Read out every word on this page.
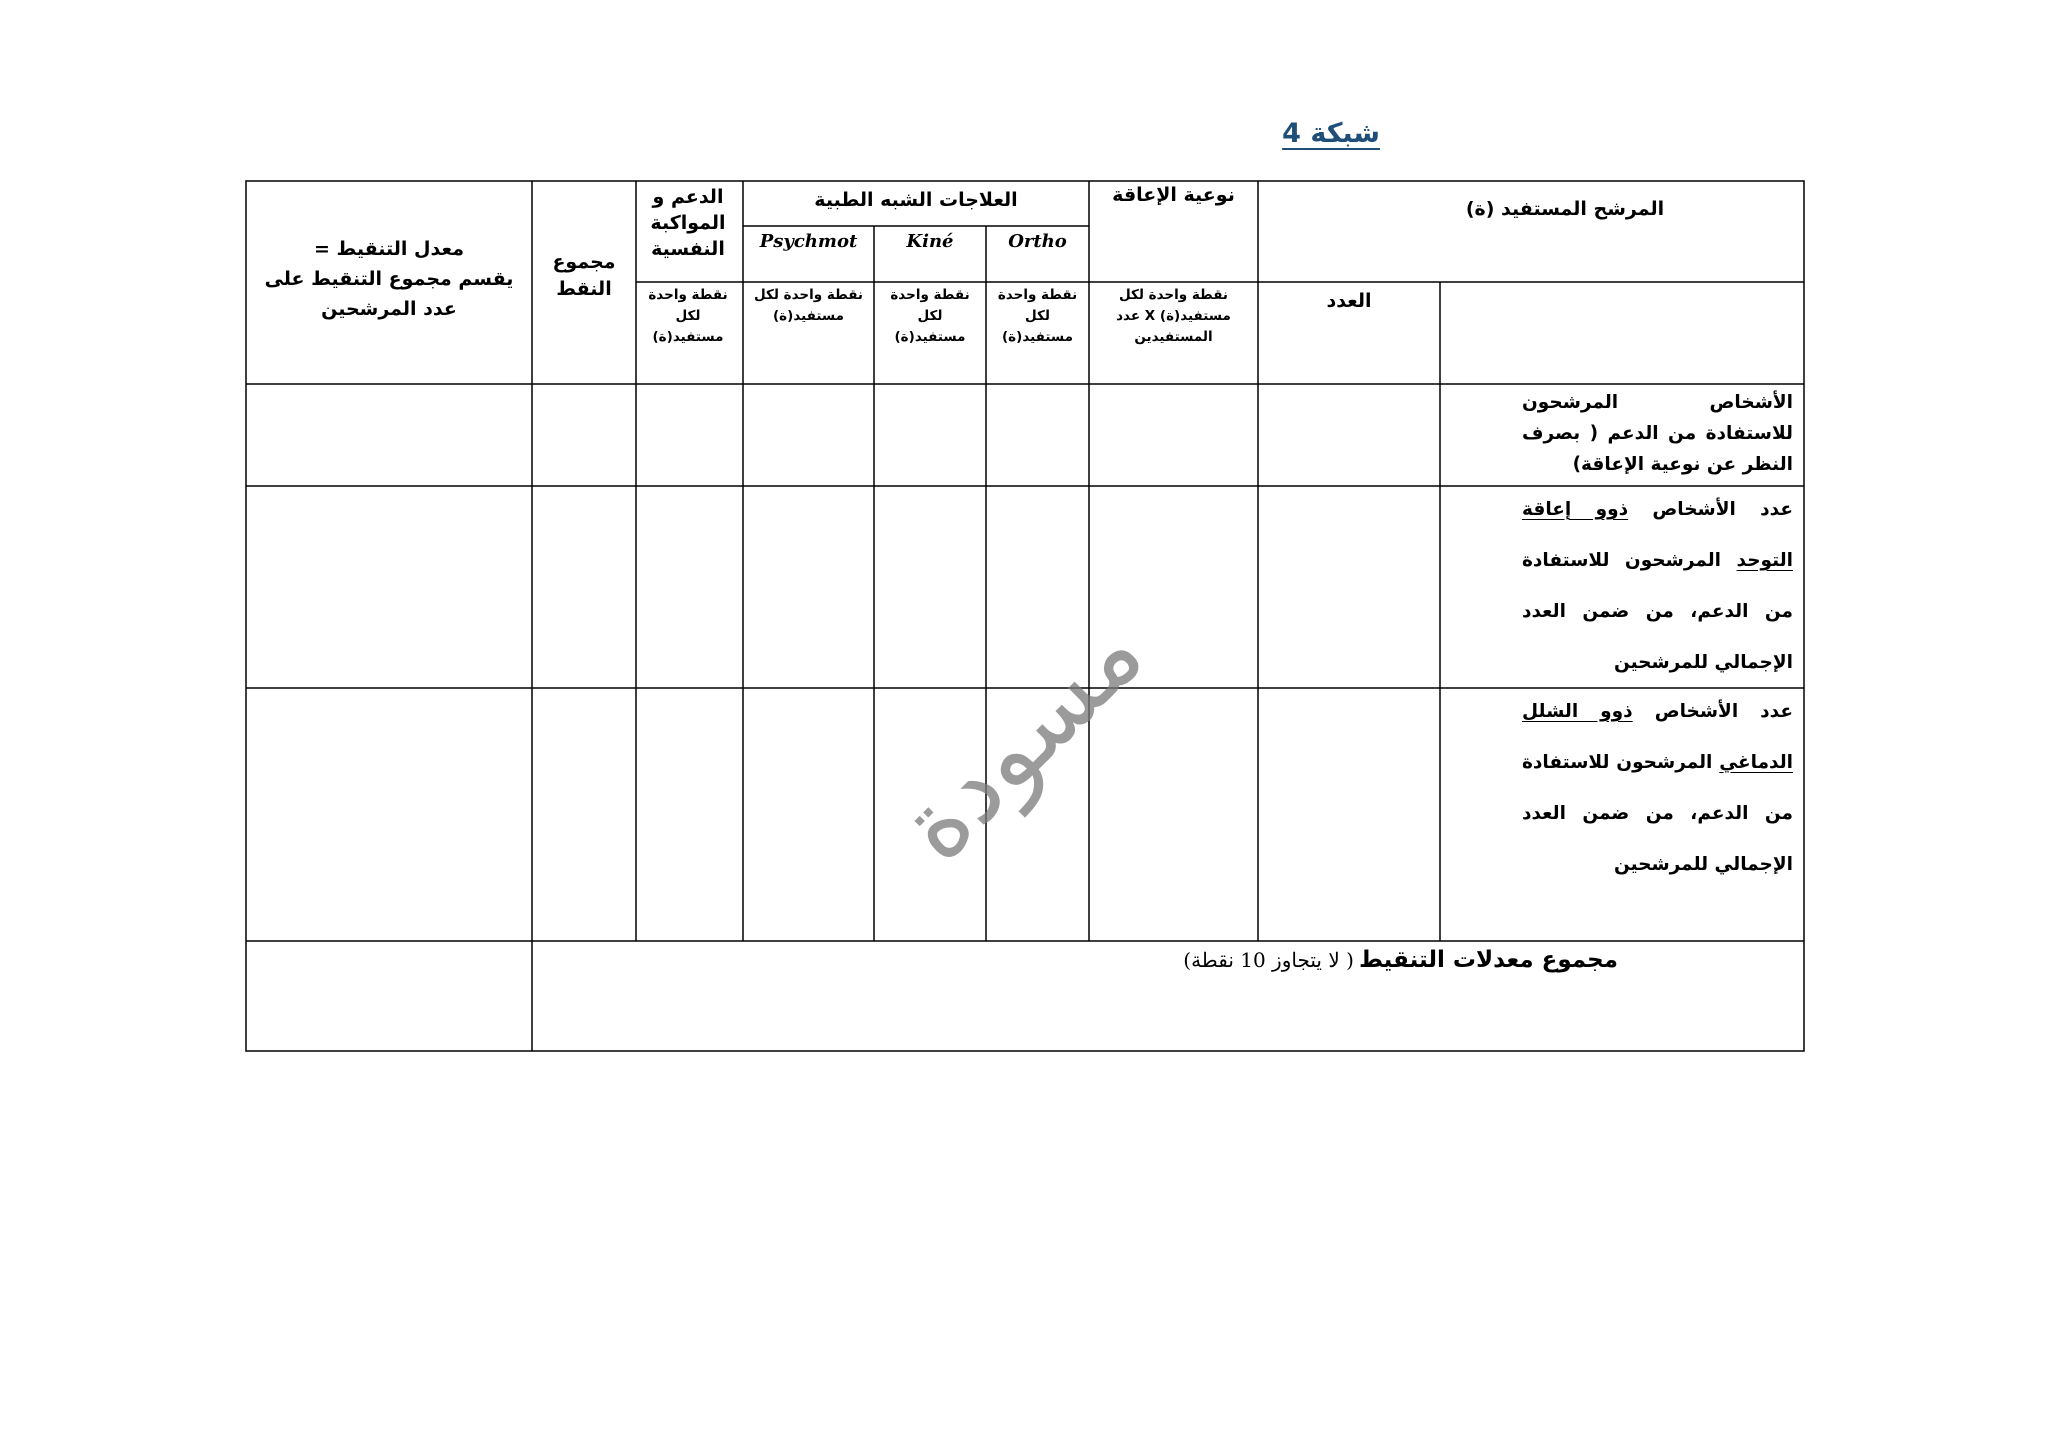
شبكة 4
المرشح المستفيد (ة)
العدد
نوعية الإعاقة
نقطة واحدة لكل مستفيد(ة) X عدد المستفيدين
العلاجات الشبه الطبية
Ortho
نقطة واحدة لكل مستفيد(ة)
Kiné
نقطة واحدة لكل مستفيد(ة)
Psychmot
نقطة واحدة لكل مستفيد(ة)
الدعم و المواكبة النفسية
نقطة واحدة لكل مستفيد(ة)
مجموع النقط
معدل التنقيط =
يقسم مجموع التنقيط على عدد المرشحين
الأشخاص المرشحون للاستفادة من الدعم ( بصرف النظر عن نوعية الإعاقة)
عدد الأشخاص ذوو إعاقة التوحد المرشحون للاستفادة من الدعم، من ضمن العدد الإجمالي للمرشحين
عدد الأشخاص ذوو الشلل الدماغي المرشحون للاستفادة من الدعم، من ضمن العدد الإجمالي للمرشحين
مجموع معدلات التنقيط ( لا يتجاوز 10 نقطة)
مسودة
